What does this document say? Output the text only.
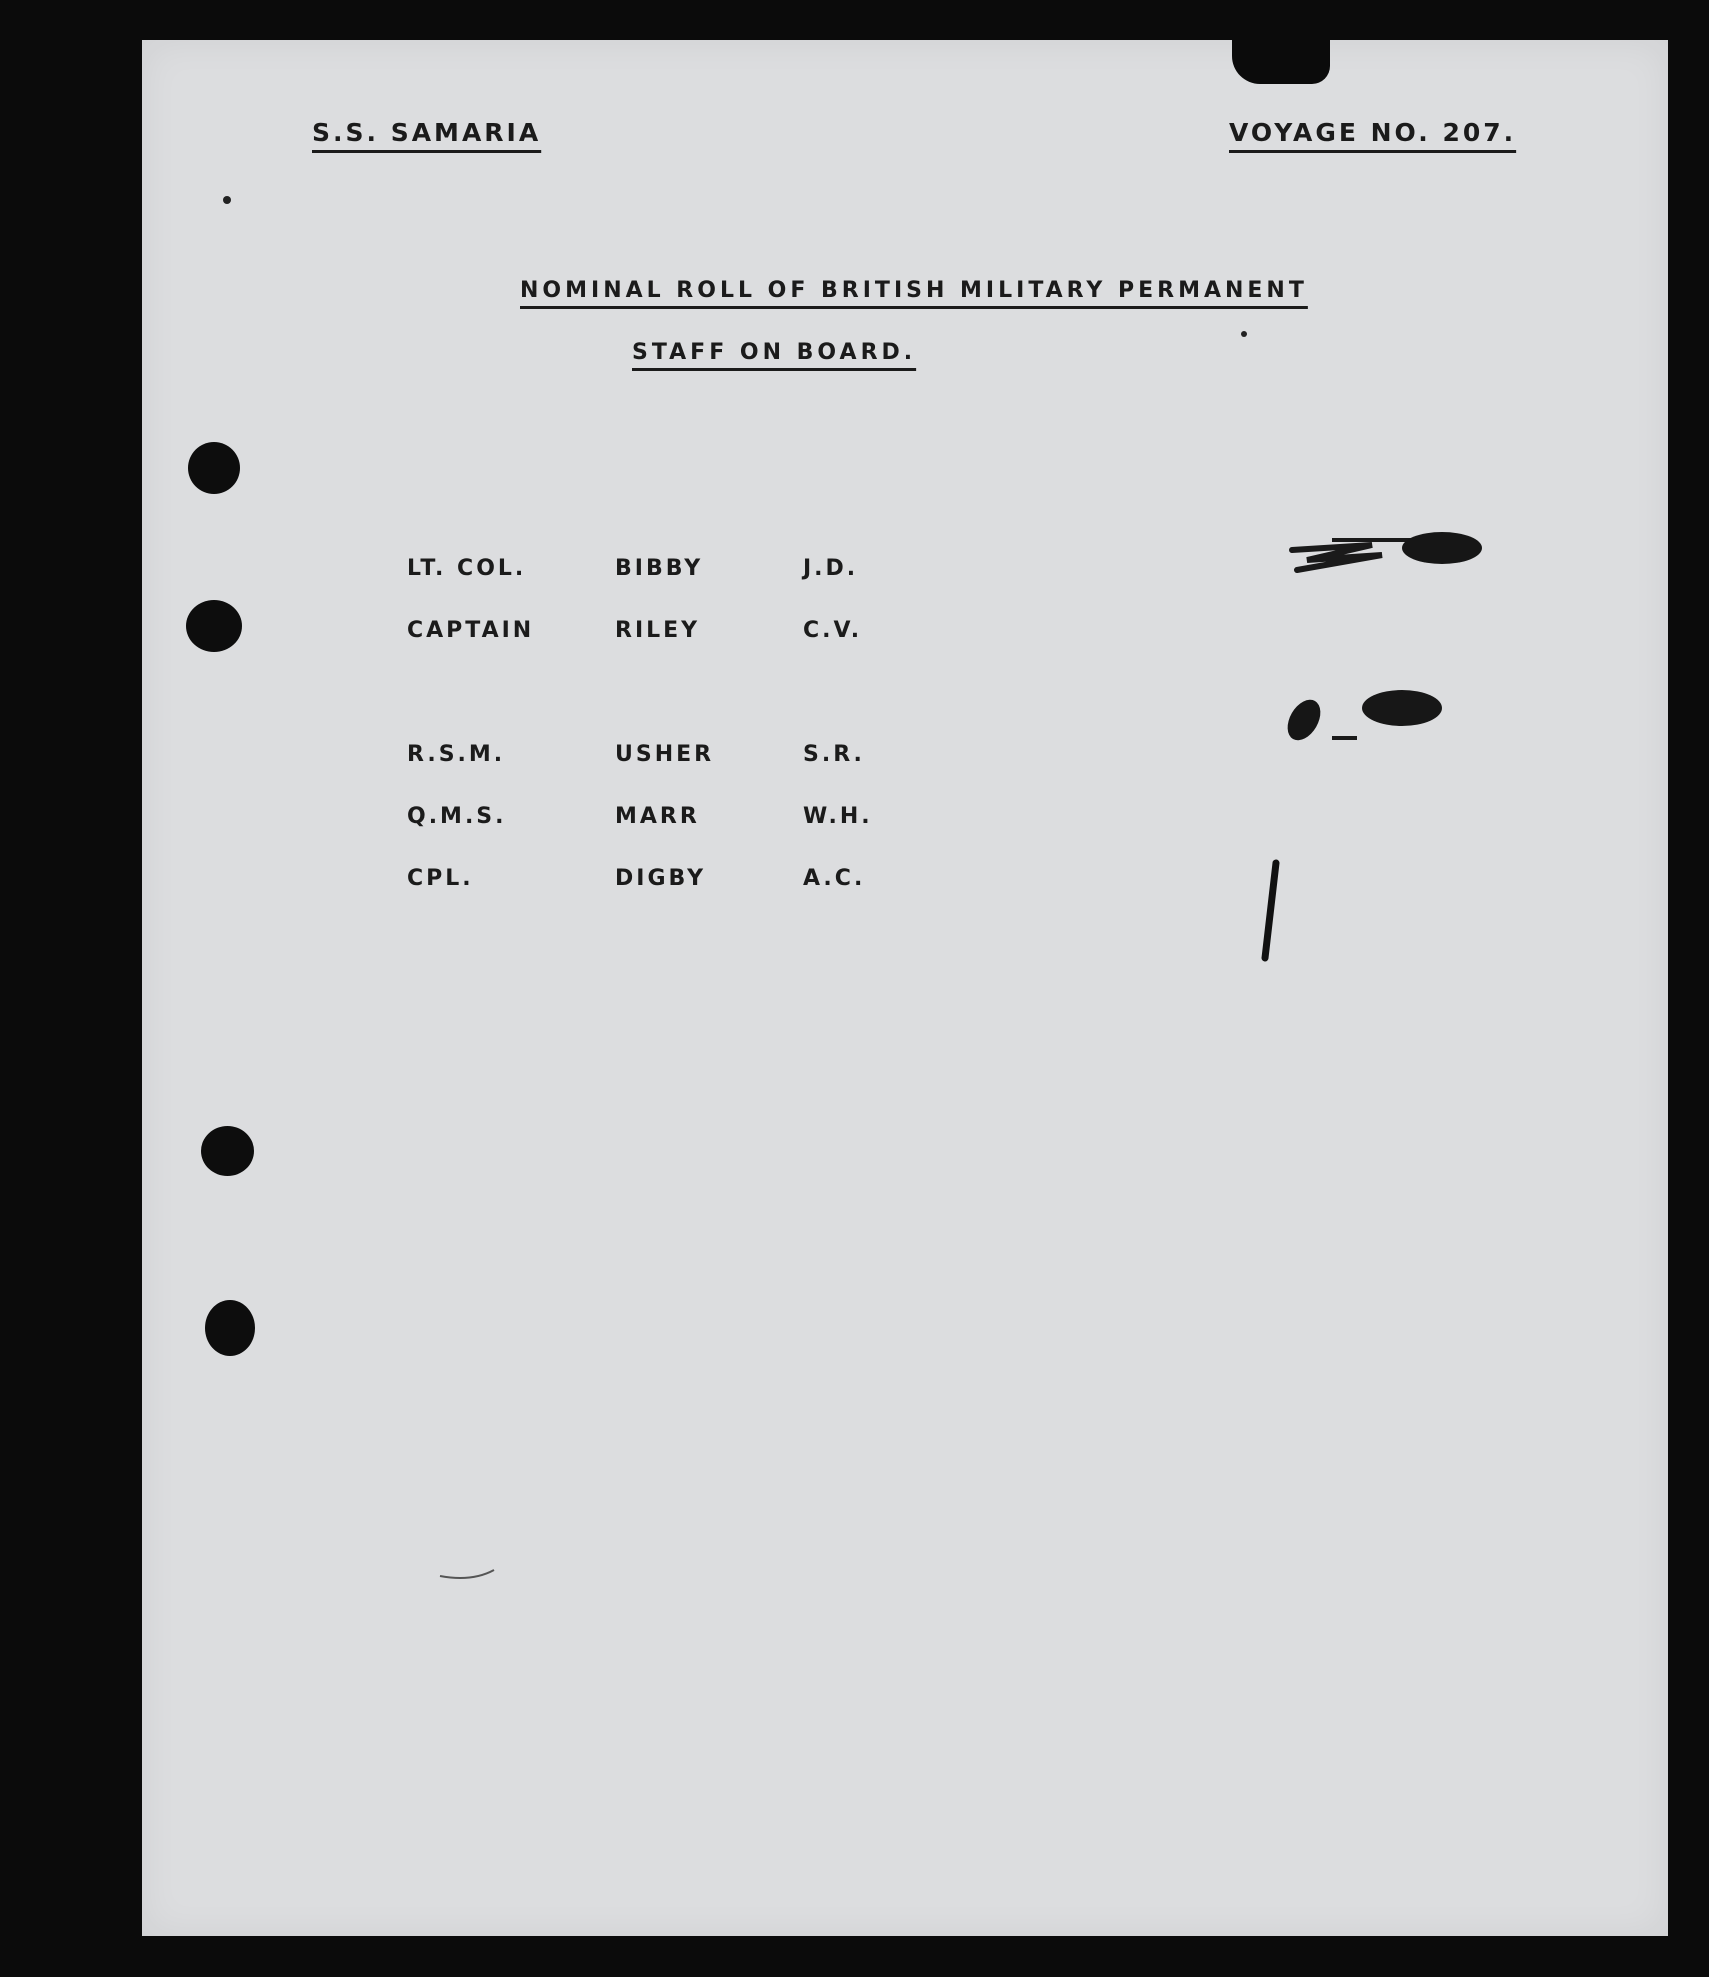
S.S. SAMARIA	VOYAGE NO. 207.
NOMINAL ROLL OF BRITISH MILITARY PERMANENT
STAFF ON BOARD.
LT. COL.	BIBBY	J.D.
CAPTAIN	RILEY	C.V.
R.S.M.	USHER	S.R.
Q.M.S.	MARR	W.H.
CPL.	DIGBY	A.C.
